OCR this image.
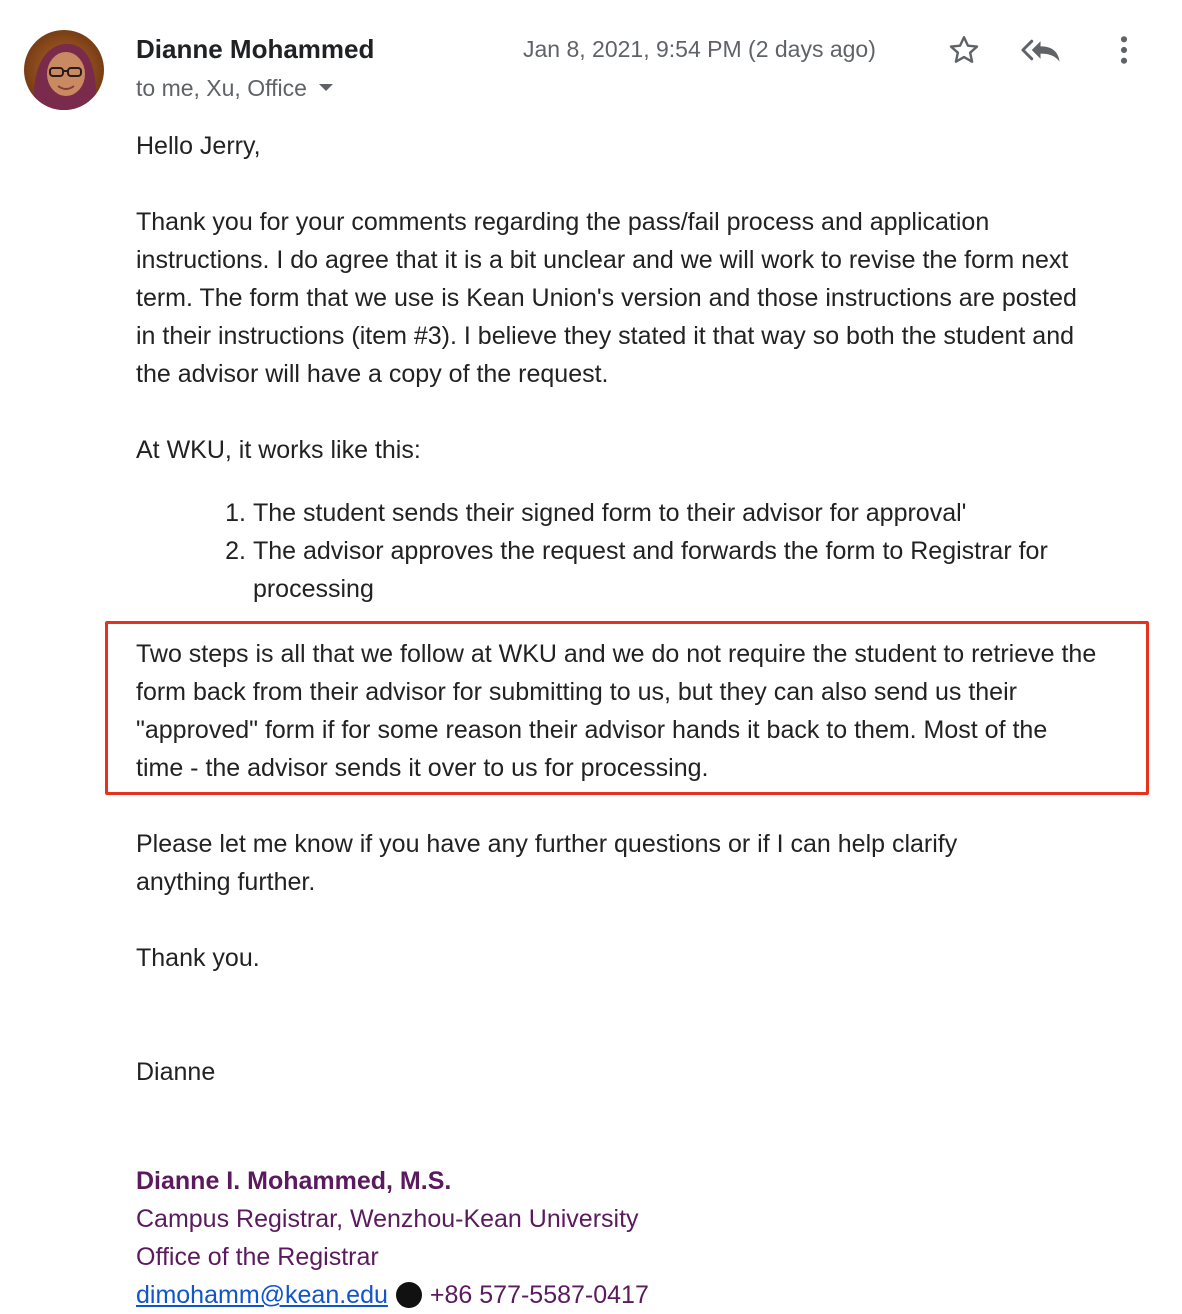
Dianne Mohammed
to me, Xu, Office
Jan 8, 2021, 9:54 PM (2 days ago)

Hello Jerry,

Thank you for your comments regarding the pass/fail process and application

instructions. I do agree that it is a bit unclear and we will work to revise the form next

term. The form that we use is Kean Union's version and those instructions are posted

in their instructions (item #3). I believe they stated it that way so both the student and

the advisor will have a copy of the request.

At WKU, it works like this:

1. The student sends their signed form to their advisor for approval'
2. The advisor approves the request and forwards the form to Registrar for
processing

Two steps is all that we follow at WKU and we do not require the student to retrieve the

form back from their advisor for submitting to us, but they can also send us their

"approved" form if for some reason their advisor hands it back to them. Most of the

time - the advisor sends it over to us for processing.

Please let me know if you have any further questions or if I can help clarify

anything further.

Thank you.

Dianne

Dianne I. Mohammed, M.S.
Campus Registrar, Wenzhou-Kean University
Office of the Registrar
dimohamm@kean.edu +86 577-5587-0417
